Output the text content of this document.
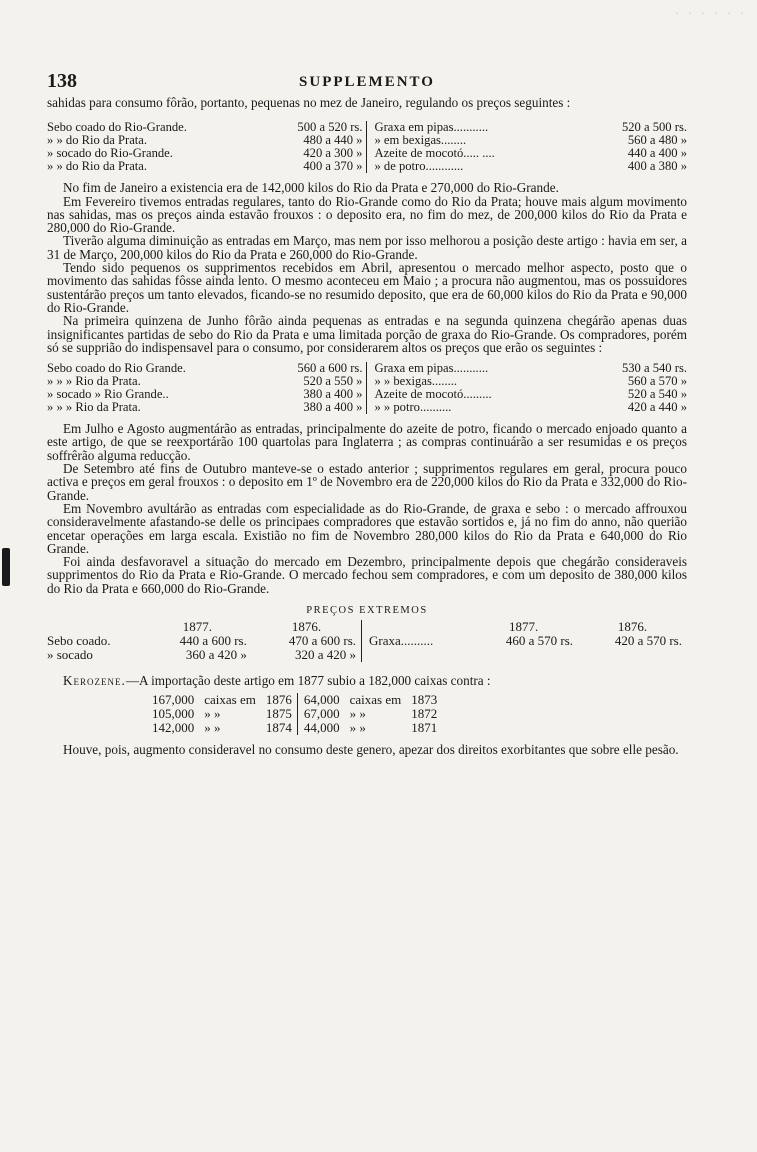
· · · · · ·
138	SUPPLEMENTO

sahidas para consumo fôrão, portanto, pequenas no mez de Janeiro, regulando os preços seguintes :

Sebo coado do Rio-Grande.	500 a 520 rs.		Graxa em pipas...........	520 a 500 rs.
» » do Rio da Prata.	480 a 440 »		» em bexigas........	560 a 480 »
» socado do Rio-Grande.	420 a 300 »		Azeite de mocotó..... ....	440 a 400 »
» » do Rio da Prata.	400 a 370 »		» de potro............	400 a 380 »

No fim de Janeiro a existencia era de 142,000 kilos do Rio da Prata e 270,000 do Rio-Grande.

Em Fevereiro tivemos entradas regulares, tanto do Rio-Grande como do Rio da Prata; houve mais algum movimento nas sahidas, mas os preços ainda estavão frouxos : o deposito era, no fim do mez, de 200,000 kilos do Rio da Prata e 280,000 do Rio-Grande.

Tiverão alguma diminuição as entradas em Março, mas nem por isso melhorou a posição deste artigo : havia em ser, a 31 de Março, 200,000 kilos do Rio da Prata e 260,000 do Rio-Grande.

Tendo sido pequenos os supprimentos recebidos em Abril, apresentou o mercado melhor aspecto, posto que o movimento das sahidas fôsse ainda lento. O mesmo aconteceu em Maio ; a procura não augmentou, mas os possuidores sustentárão preços um tanto elevados, ficando-se no resumido deposito, que era de 60,000 kilos do Rio da Prata e 90,000 do Rio-Grande.

Na primeira quinzena de Junho fôrão ainda pequenas as entradas e na segunda quinzena chegárão apenas duas insignificantes partidas de sebo do Rio da Prata e uma limitada porção de graxa do Rio-Grande. Os compradores, porém só se supprião do indispensavel para o consumo, por considerarem altos os preços que erão os seguintes :

Sebo coado do Rio Grande.	560 a 600 rs.		Graxa em pipas...........	530 a 540 rs.
» » » Rio da Prata.	520 a 550 »		» » bexigas........	560 a 570 »
» socado » Rio Grande..	380 a 400 »		Azeite de mocotó.........	520 a 540 »
» » » Rio da Prata.	380 a 400 »		» » potro..........	420 a 440 »

Em Julho e Agosto augmentárão as entradas, principalmente do azeite de potro, ficando o mercado enjoado quanto a este artigo, de que se reexportárão 100 quartolas para Inglaterra ; as compras continuárão a ser resumidas e os preços soffrêrão alguma reducção.

De Setembro até fins de Outubro manteve-se o estado anterior ; supprimentos regulares em geral, procura pouco activa e preços em geral frouxos : o deposito em 1º de Novembro era de 220,000 kilos do Rio da Prata e 332,000 do Rio-Grande.

Em Novembro avultárão as entradas com especialidade as do Rio-Grande, de graxa e sebo : o mercado affrouxou consideravelmente afastando-se delle os principaes compradores que estavão sortidos e, já no fim do anno, não querião encetar operações em larga escala. Existião no fim de Novembro 280,000 kilos do Rio da Prata e 640,000 do Rio Grande.

Foi ainda desfavoravel a situação do mercado em Dezembro, principalmente depois que chegárão consideraveis supprimentos do Rio da Prata e Rio-Grande. O mercado fechou sem compradores, e com um deposito de 380,000 kilos do Rio da Prata e 660,000 do Rio-Grande.

PREÇOS EXTREMOS
	1877.	1876.			1877.	1876.
Sebo coado.	440 a 600 rs.	470 a 600 rs.		Graxa..........	460 a 570 rs.	420 a 570 rs.
» socado	360 a 420 »	320 a 420 »				

Kerozene.—A importação deste artigo em 1877 subio a 182,000 caixas contra :

167,000	caixas em	1876		64,000	caixas em	1873
105,000	» »	1875		67,000	» »	1872
142,000	» »	1874		44,000	» »	1871

Houve, pois, augmento consideravel no consumo deste genero, apezar dos direitos exorbitantes que sobre elle pesão.
